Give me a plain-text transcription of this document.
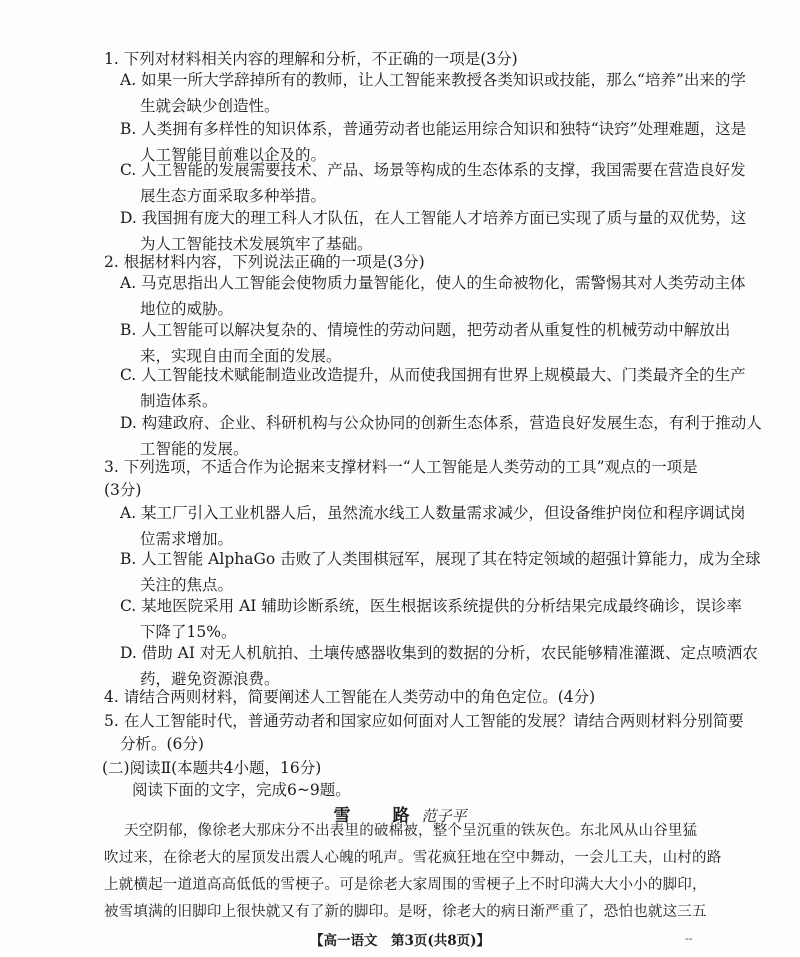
1. 下列对材料相关内容的理解和分析，不正确的一项是(3分)
A. 如果一所大学辞掉所有的教师，让人工智能来教授各类知识或技能，那么“培养”出来的学
生就会缺少创造性。
B. 人类拥有多样性的知识体系，普通劳动者也能运用综合知识和独特“诀窍”处理难题，这是
人工智能目前难以企及的。
C. 人工智能的发展需要技术、产品、场景等构成的生态体系的支撑，我国需要在营造良好发
展生态方面采取多种举措。
D. 我国拥有庞大的理工科人才队伍，在人工智能人才培养方面已实现了质与量的双优势，这
为人工智能技术发展筑牢了基础。
2. 根据材料内容，下列说法正确的一项是(3分)
A. 马克思指出人工智能会使物质力量智能化，使人的生命被物化，需警惕其对人类劳动主体
地位的威胁。
B. 人工智能可以解决复杂的、情境性的劳动问题，把劳动者从重复性的机械劳动中解放出
来，实现自由而全面的发展。
C. 人工智能技术赋能制造业改造提升，从而使我国拥有世界上规模最大、门类最齐全的生产
制造体系。
D. 构建政府、企业、科研机构与公众协同的创新生态体系，营造良好发展生态，有利于推动人
工智能的发展。
3. 下列选项，不适合作为论据来支撑材料一“人工智能是人类劳动的工具”观点的一项是
(3分)
A. 某工厂引入工业机器人后，虽然流水线工人数量需求减少，但设备维护岗位和程序调试岗
位需求增加。
B. 人工智能 AlphaGo 击败了人类围棋冠军，展现了其在特定领域的超强计算能力，成为全球
关注的焦点。
C. 某地医院采用 AI 辅助诊断系统，医生根据该系统提供的分析结果完成最终确诊，误诊率
下降了15%。
D. 借助 AI 对无人机航拍、土壤传感器收集到的数据的分析，农民能够精准灌溉、定点喷洒农
药，避免资源浪费。
4. 请结合两则材料，简要阐述人工智能在人类劳动中的角色定位。(4分)
5. 在人工智能时代，普通劳动者和国家应如何面对人工智能的发展？请结合两则材料分别简要
分析。(6分)
(二)阅读Ⅱ(本题共4小题，16分)
阅读下面的文字，完成6~9题。
雪 路 范子平
天空阴郁，像徐老大那床分不出表里的破棉被，整个呈沉重的铁灰色。东北风从山谷里猛
吹过来，在徐老大的屋顶发出震人心魄的吼声。雪花疯狂地在空中舞动，一会儿工夫，山村的路
上就横起一道道高高低低的雪梗子。可是徐老大家周围的雪梗子上不时印满大大小小的脚印，
被雪填满的旧脚印上很快就又有了新的脚印。是呀，徐老大的病日渐严重了，恐怕也就这三五
【高一语文　第3页(共8页)】	--
